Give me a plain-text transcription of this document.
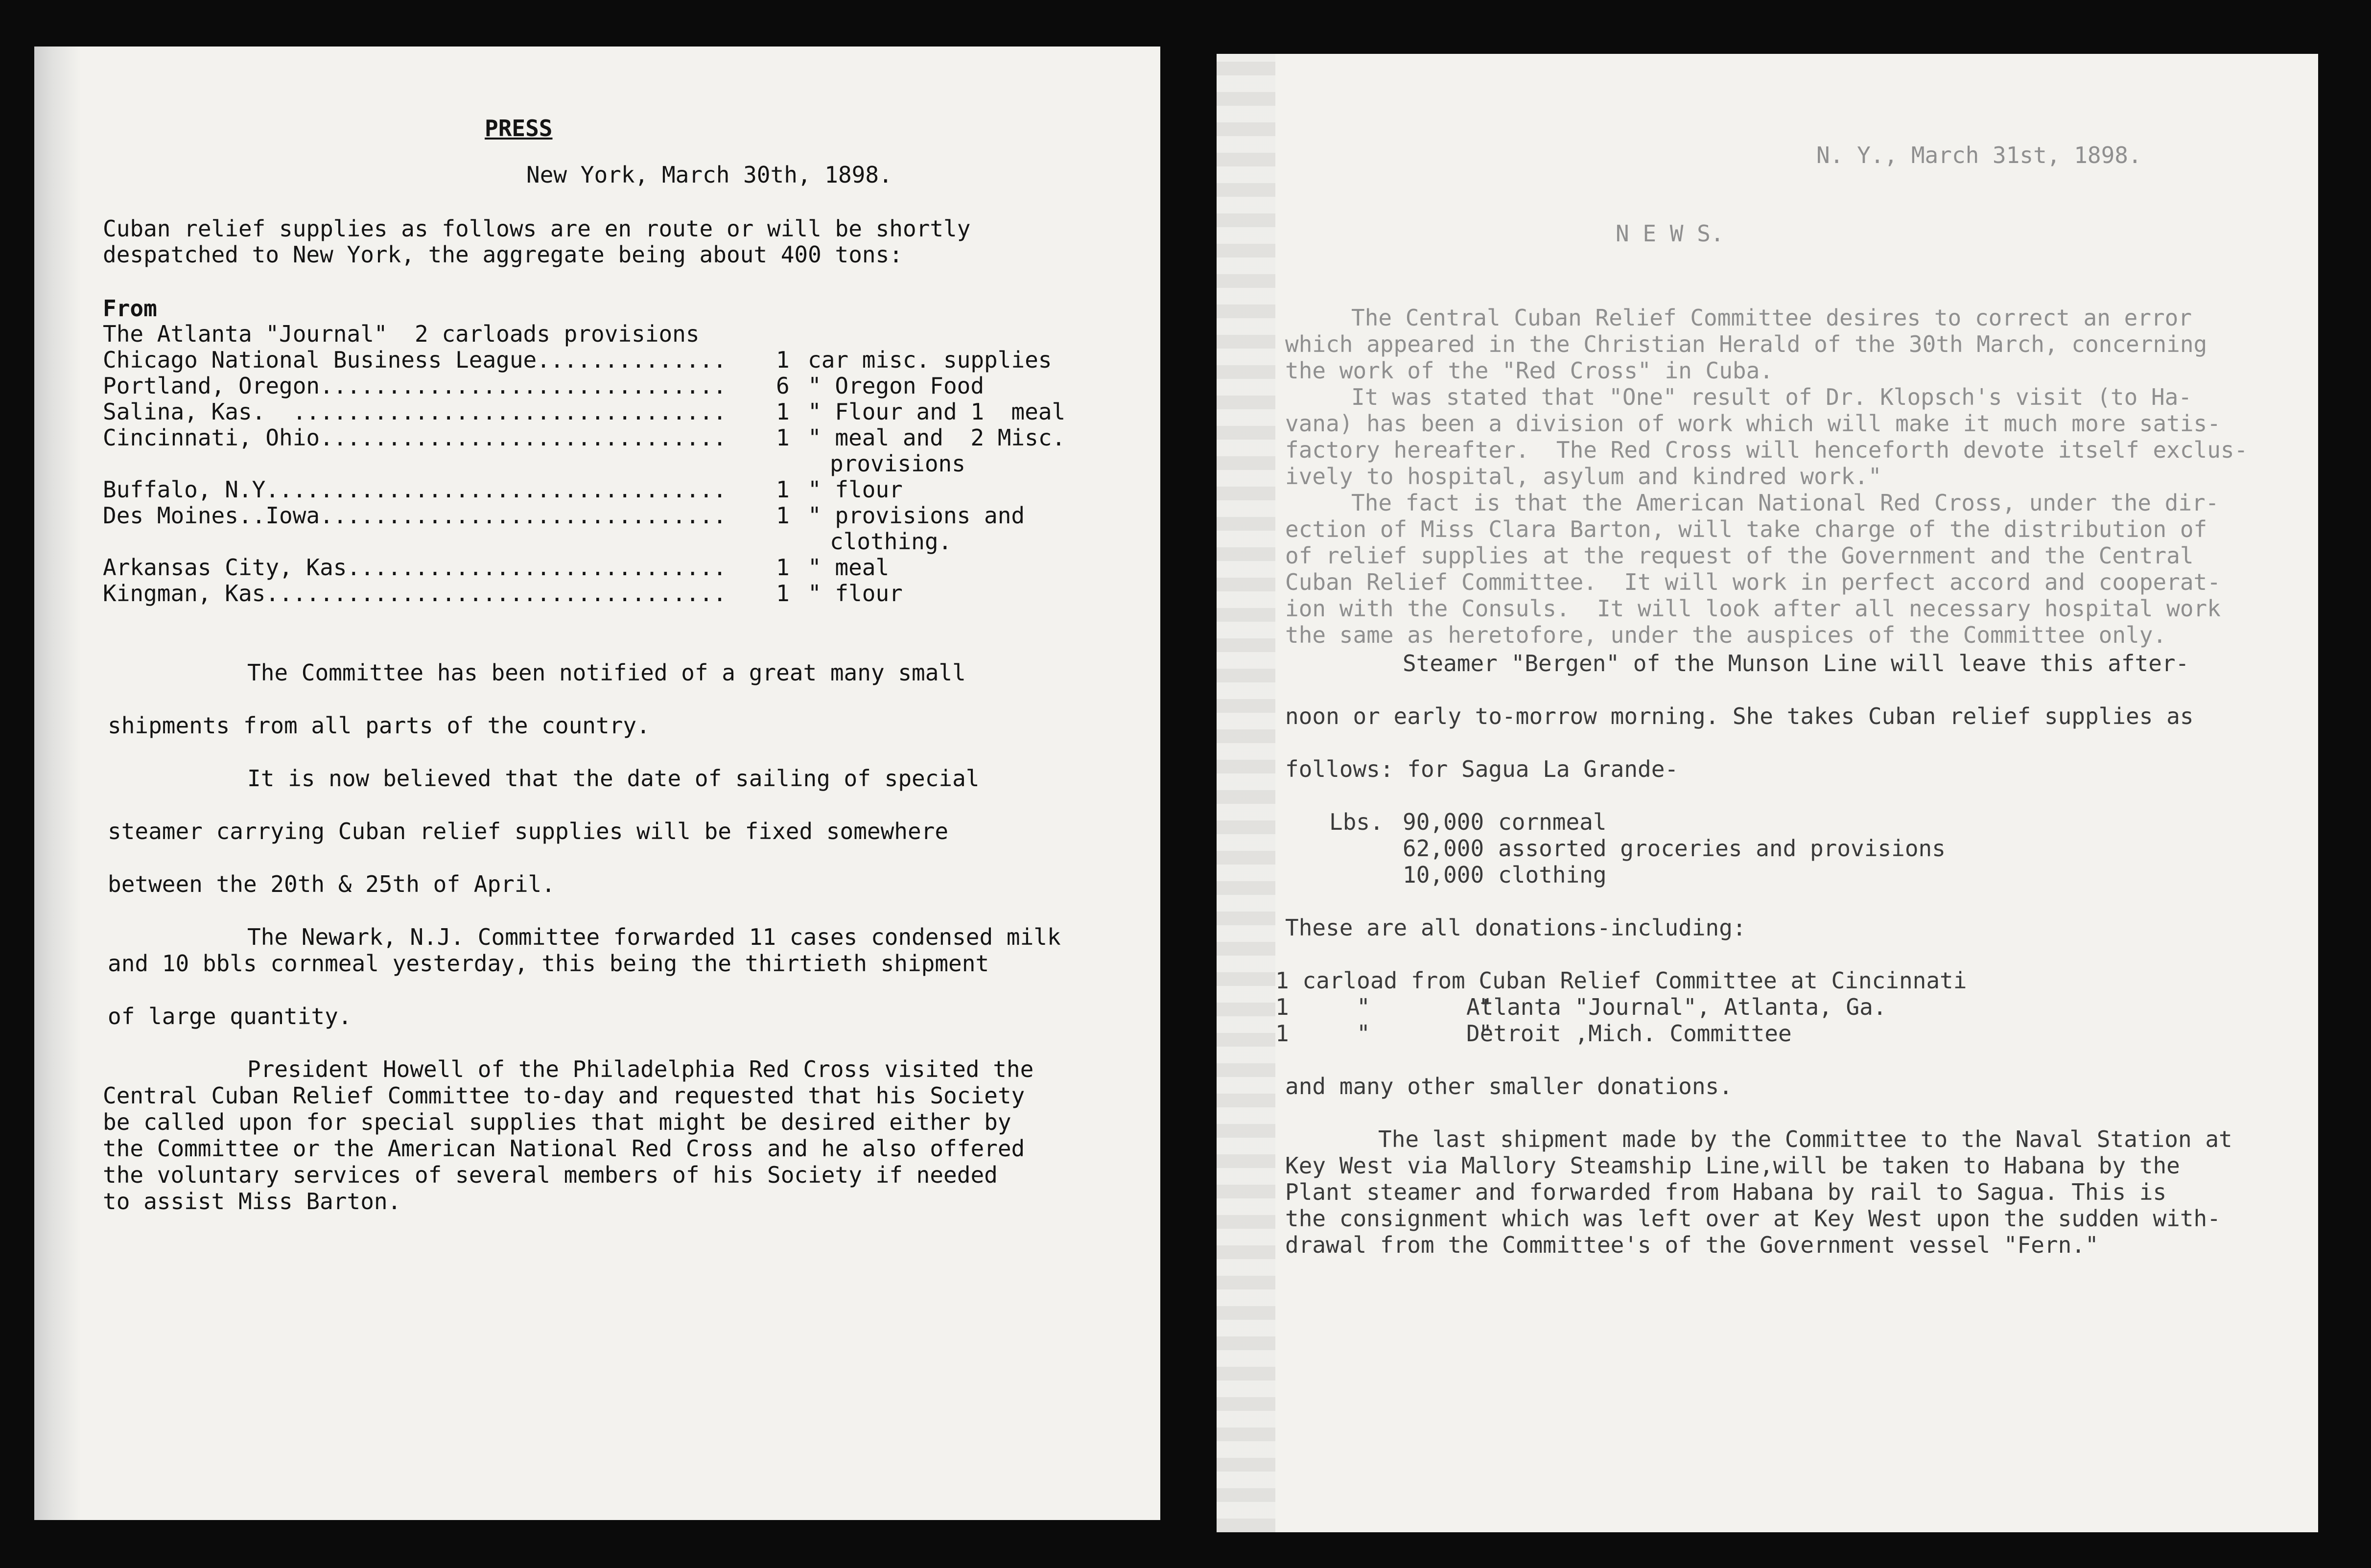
PRESS
New York, March 30th, 1898.
Cuban relief supplies as follows are en route or will be shortly
despatched to New York, the aggregate being about 400 tons:
From
The Atlanta "Journal"  2 carloads provisions
Chicago National Business League.............. 1 car misc. supplies
Portland, Oregon.............................. 6 " Oregon Food
Salina, Kas.  ................................ 1 " Flour and 1  meal
Cincinnati, Ohio.............................. 1 " meal and  2 Misc.
provisions
Buffalo, N.Y.................................. 1 " flour
Des Moines..Iowa.............................. 1 " provisions and
clothing.
Arkansas City, Kas............................ 1 " meal
Kingman, Kas.................................. 1 " flour
The Committee has been notified of a great many small
shipments from all parts of the country.
It is now believed that the date of sailing of special
steamer carrying Cuban relief supplies will be fixed somewhere
between the 20th & 25th of April.
The Newark, N.J. Committee forwarded 11 cases condensed milk
and 10 bbls cornmeal yesterday, this being the thirtieth shipment
of large quantity.
President Howell of the Philadelphia Red Cross visited the
Central Cuban Relief Committee to-day and requested that his Society
be called upon for special supplies that might be desired either by
the Committee or the American National Red Cross and he also offered
the voluntary services of several members of his Society if needed
to assist Miss Barton.
N. Y., March 31st, 1898.
N E W S.
The Central Cuban Relief Committee desires to correct an error
which appeared in the Christian Herald of the 30th March, concerning
the work of the "Red Cross" in Cuba.
It was stated that "One" result of Dr. Klopsch's visit (to Ha-
vana) has been a division of work which will make it much more satis-
factory hereafter.  The Red Cross will henceforth devote itself exclus-
ively to hospital, asylum and kindred work."
The fact is that the American National Red Cross, under the dir-
ection of Miss Clara Barton, will take charge of the distribution of
of relief supplies at the request of the Government and the Central
Cuban Relief Committee.  It will work in perfect accord and cooperat-
ion with the Consuls.  It will look after all necessary hospital work
the same as heretofore, under the auspices of the Committee only.
Steamer "Bergen" of the Munson Line will leave this after-
noon or early to-morrow morning. She takes Cuban relief supplies as
follows: for Sagua La Grande-
Lbs. 90,000 cornmeal
62,000 assorted groceries and provisions
10,000 clothing
These are all donations-including:
1 carload from Cuban Relief Committee at Cincinnati
1     "        "
Atlanta "Journal", Atlanta, Ga.
1     "        "
Detroit ,Mich. Committee
and many other smaller donations.
The last shipment made by the Committee to the Naval Station at
Key West via Mallory Steamship Line,will be taken to Habana by the
Plant steamer and forwarded from Habana by rail to Sagua. This is
the consignment which was left over at Key West upon the sudden with-
drawal from the Committee's of the Government vessel "Fern."
